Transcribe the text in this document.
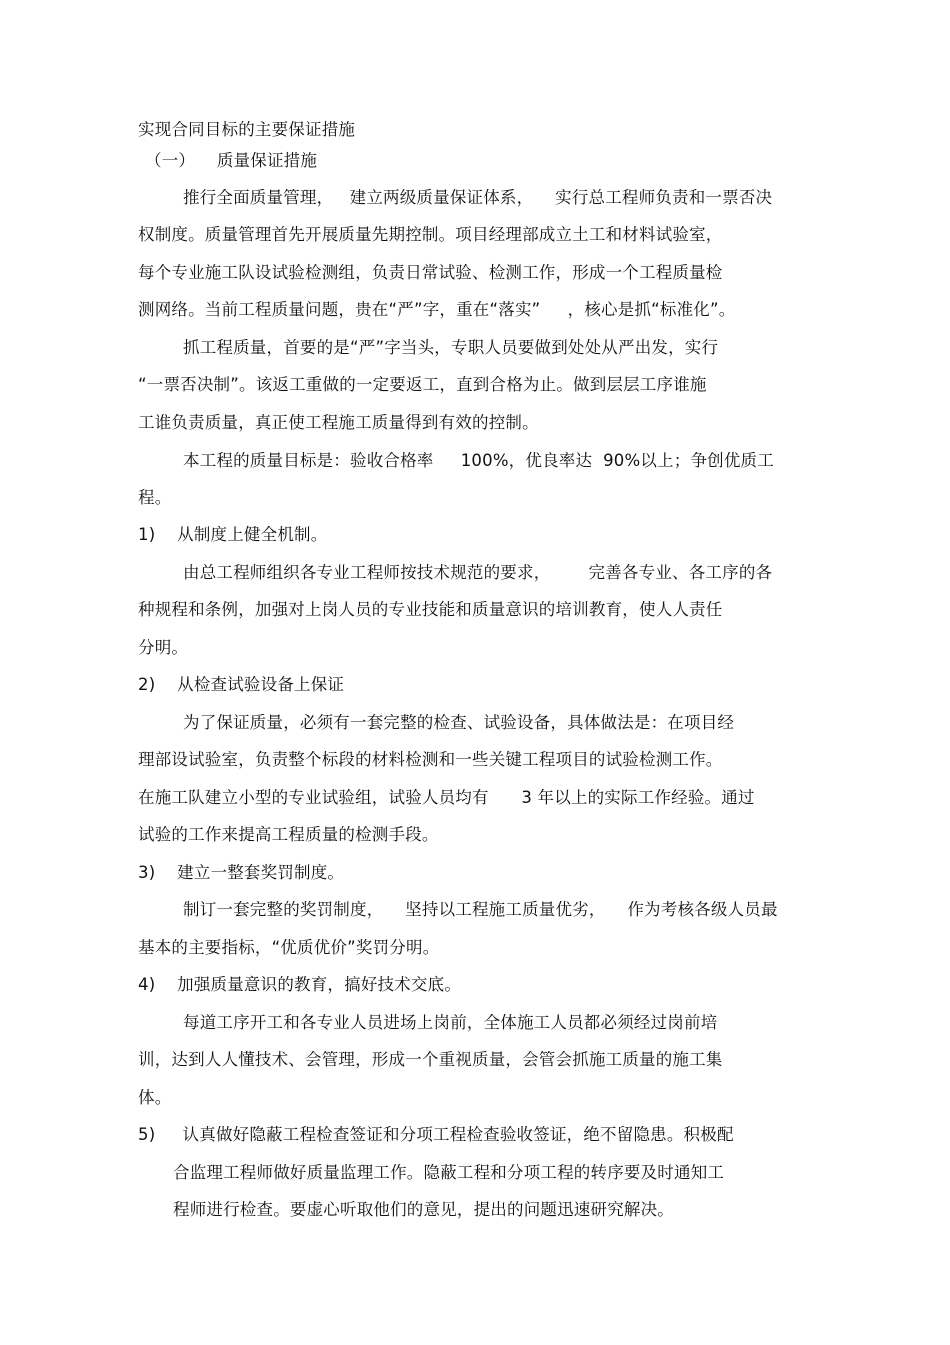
实现合同目标的主要保证措施
（一）    质量保证措施
推行全面质量管理，   建立两级质量保证体系，    实行总工程师负责和一票否决
权制度。质量管理首先开展质量先期控制。项目经理部成立土工和材料试验室，
每个专业施工队设试验检测组，负责日常试验、检测工作，形成一个工程质量检
测网络。当前工程质量问题，贵在“严”字，重在“落实”     ，核心是抓“标准化”。
抓工程质量，首要的是“严”字当头，专职人员要做到处处从严出发，实行
“一票否决制”。该返工重做的一定要返工，直到合格为止。做到层层工序谁施
工谁负责质量，真正使工程施工质量得到有效的控制。
本工程的质量目标是：验收合格率     100%，优良率达  90%以上；争创优质工
程。
1)    从制度上健全机制。
由总工程师组织各专业工程师按技术规范的要求，       完善各专业、各工序的各
种规程和条例，加强对上岗人员的专业技能和质量意识的培训教育，使人人责任
分明。
2)    从检查试验设备上保证
为了保证质量，必须有一套完整的检查、试验设备，具体做法是：在项目经
理部设试验室，负责整个标段的材料检测和一些关键工程项目的试验检测工作。
在施工队建立小型的专业试验组，试验人员均有      3 年以上的实际工作经验。通过
试验的工作来提高工程质量的检测手段。
3)    建立一整套奖罚制度。
制订一套完整的奖罚制度，    坚持以工程施工质量优劣，    作为考核各级人员最
基本的主要指标，“优质优价”奖罚分明。
4)    加强质量意识的教育，搞好技术交底。
每道工序开工和各专业人员进场上岗前，全体施工人员都必须经过岗前培
训，达到人人懂技术、会管理，形成一个重视质量，会管会抓施工质量的施工集
体。
5)     认真做好隐蔽工程检查签证和分项工程检查验收签证，绝不留隐患。积极配
合监理工程师做好质量监理工作。隐蔽工程和分项工程的转序要及时通知工
程师进行检查。要虚心听取他们的意见，提出的问题迅速研究解决。
